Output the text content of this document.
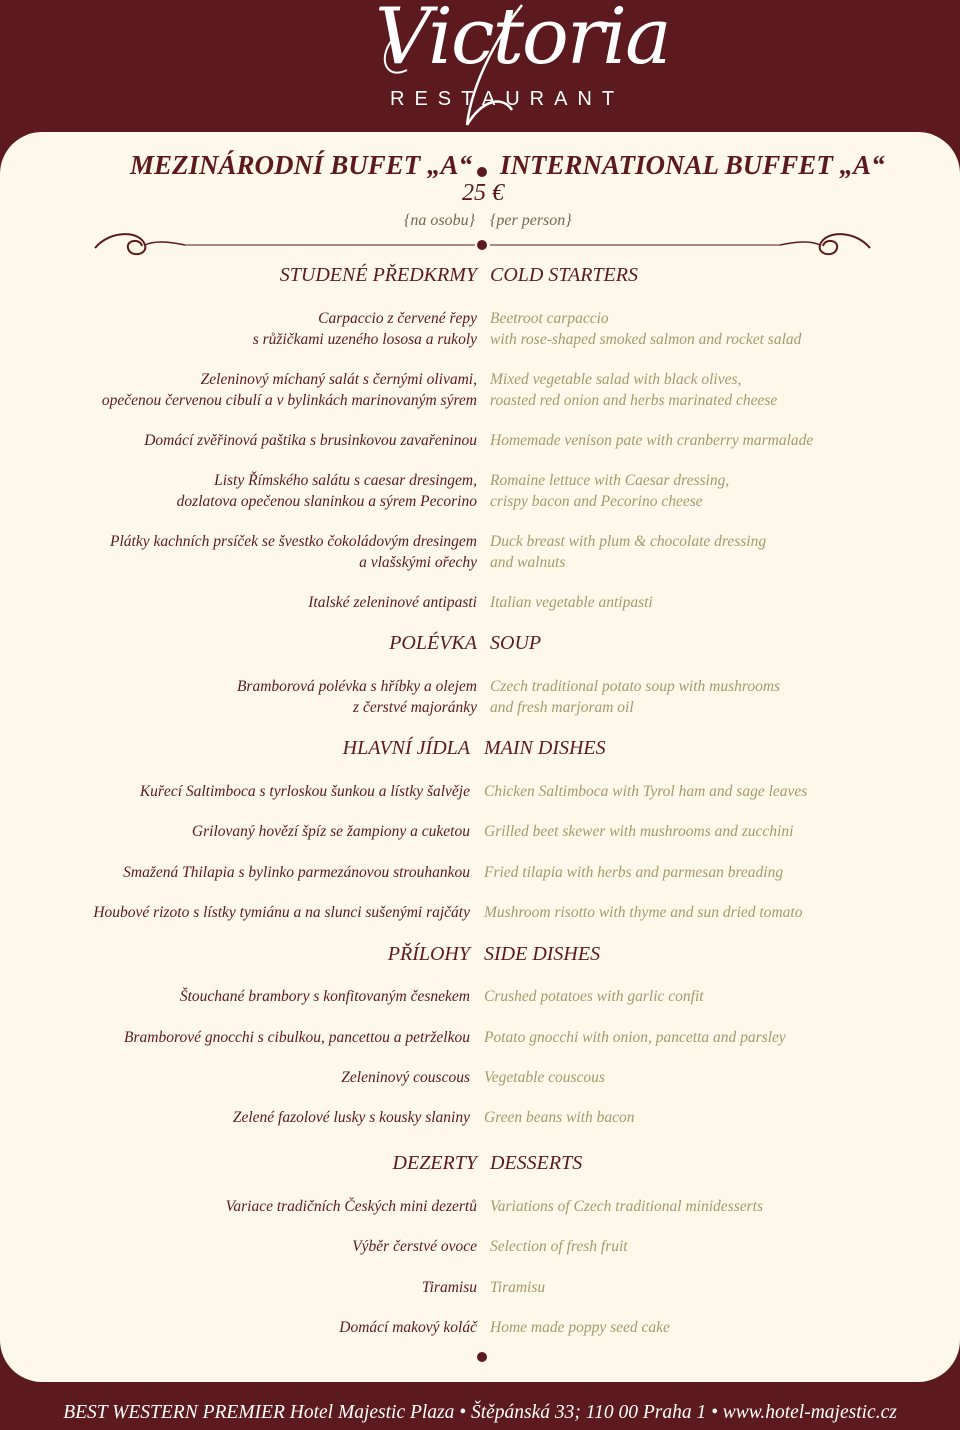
Victoria
RESTAURANT
MEZINÁRODNÍ BUFET „A“ INTERNATIONAL BUFFET „A“
25 €
{na osobu} {per person}
STUDENÉ PŘEDKRMY COLD STARTERS
POLÉVKA SOUP
HLAVNÍ JÍDLA MAIN DISHES
PŘÍLOHY SIDE DISHES
DEZERTY DESSERTS
BEST WESTERN PREMIER Hotel Majestic Plaza • Štěpánská 33; 110 00 Praha 1 • www.hotel-majestic.cz
Carpaccio z červené řepy
s růžičkami uzeného lososa a rukoly
Beetroot carpaccio
with rose-shaped smoked salmon and rocket salad
Zeleninový míchaný salát s černými olivami,
opečenou červenou cibulí a v bylinkách marinovaným sýrem
Mixed vegetable salad with black olives,
roasted red onion and herbs marinated cheese
Domácí zvěřinová paštika s brusinkovou zavařeninou Homemade venison pate with cranberry marmalade
Listy Římského salátu s caesar dresingem,
dozlatova opečenou slaninkou a sýrem Pecorino
Romaine lettuce with Caesar dressing,
crispy bacon and Pecorino cheese
Plátky kachních prsíček se švestko čokoládovým dresingem
a vlašskými ořechy
Duck breast with plum & chocolate dressing
and walnuts
Italské zeleninové antipasti Italian vegetable antipasti
Bramborová polévka s hříbky a olejem
z čerstvé majoránky
Czech traditional potato soup with mushrooms
and fresh marjoram oil
Kuřecí Saltimboca s tyrloskou šunkou a lístky šalvěje Chicken Saltimboca with Tyrol ham and sage leaves
Grilovaný hovězí špíz se žampiony a cuketou Grilled beet skewer with mushrooms and zucchini
Smažená Thilapia s bylinko parmezánovou strouhankou Fried tilapia with herbs and parmesan breading
Houbové rizoto s lístky tymiánu a na slunci sušenými rajčáty Mushroom risotto with thyme and sun dried tomato
Štouchané brambory s konfitovaným česnekem Crushed potatoes with garlic confit
Bramborové gnocchi s cibulkou, pancettou a petrželkou Potato gnocchi with onion, pancetta and parsley
Zeleninový couscous Vegetable couscous
Zelené fazolové lusky s kousky slaniny Green beans with bacon
Variace tradičních Českých mini dezertů Variations of Czech traditional minidesserts
Výběr čerstvé ovoce Selection of fresh fruit
Tiramisu Tiramisu
Domácí makový koláč Home made poppy seed cake
